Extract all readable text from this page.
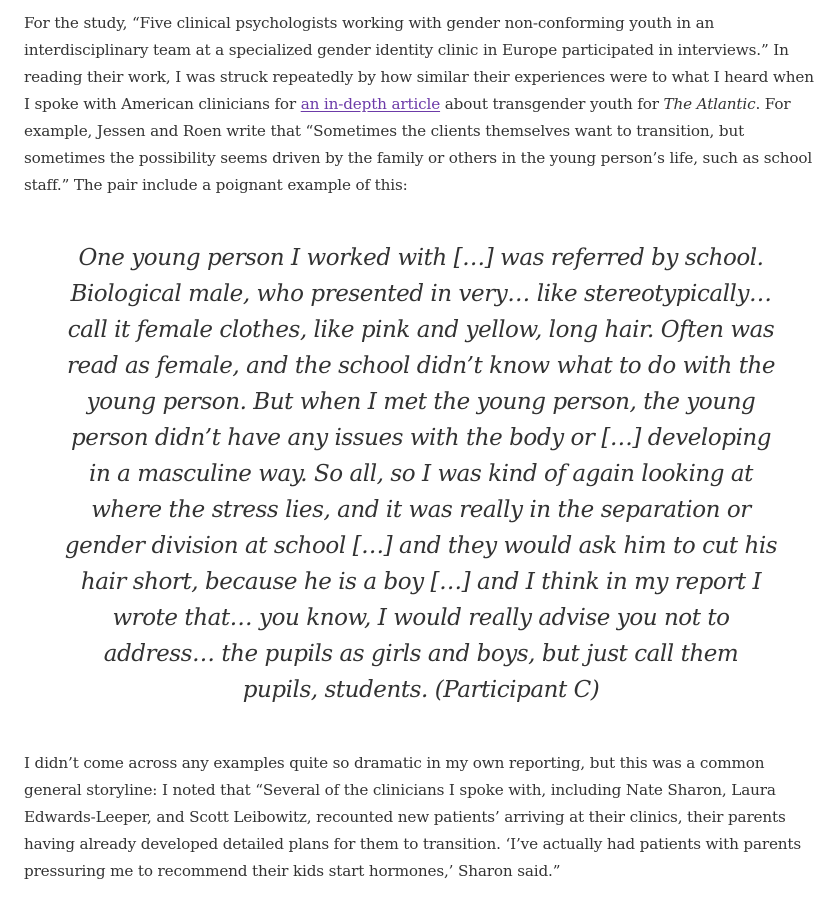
For the study, “Five clinical psychologists working with gender non-conforming youth in an interdisciplinary team at a specialized gender identity clinic in Europe participated in interviews.” In reading their work, I was struck repeatedly by how similar their experiences were to what I heard when I spoke with American clinicians for an in-depth article about transgender youth for The Atlantic. For example, Jessen and Roen write that “Sometimes the clients themselves want to transition, but sometimes the possibility seems driven by the family or others in the young person’s life, such as school staff.” The pair include a poignant example of this:

One young person I worked with […] was referred by school. Biological male, who presented in very… like stereotypically… call it female clothes, like pink and yellow, long hair. Often was read as female, and the school didn’t know what to do with the young person. But when I met the young person, the young person didn’t have any issues with the body or […] developing in a masculine way. So all, so I was kind of again looking at where the stress lies, and it was really in the separation or gender division at school […] and they would ask him to cut his hair short, because he is a boy […] and I think in my report I wrote that… you know, I would really advise you not to address… the pupils as girls and boys, but just call them pupils, students. (Participant C)

I didn’t come across any examples quite so dramatic in my own reporting, but this was a common general storyline: I noted that “Several of the clinicians I spoke with, including Nate Sharon, Laura Edwards-Leeper, and Scott Leibowitz, recounted new patients’ arriving at their clinics, their parents having already developed detailed plans for them to transition. ‘I’ve actually had patients with parents pressuring me to recommend their kids start hormones,’ Sharon said.”
